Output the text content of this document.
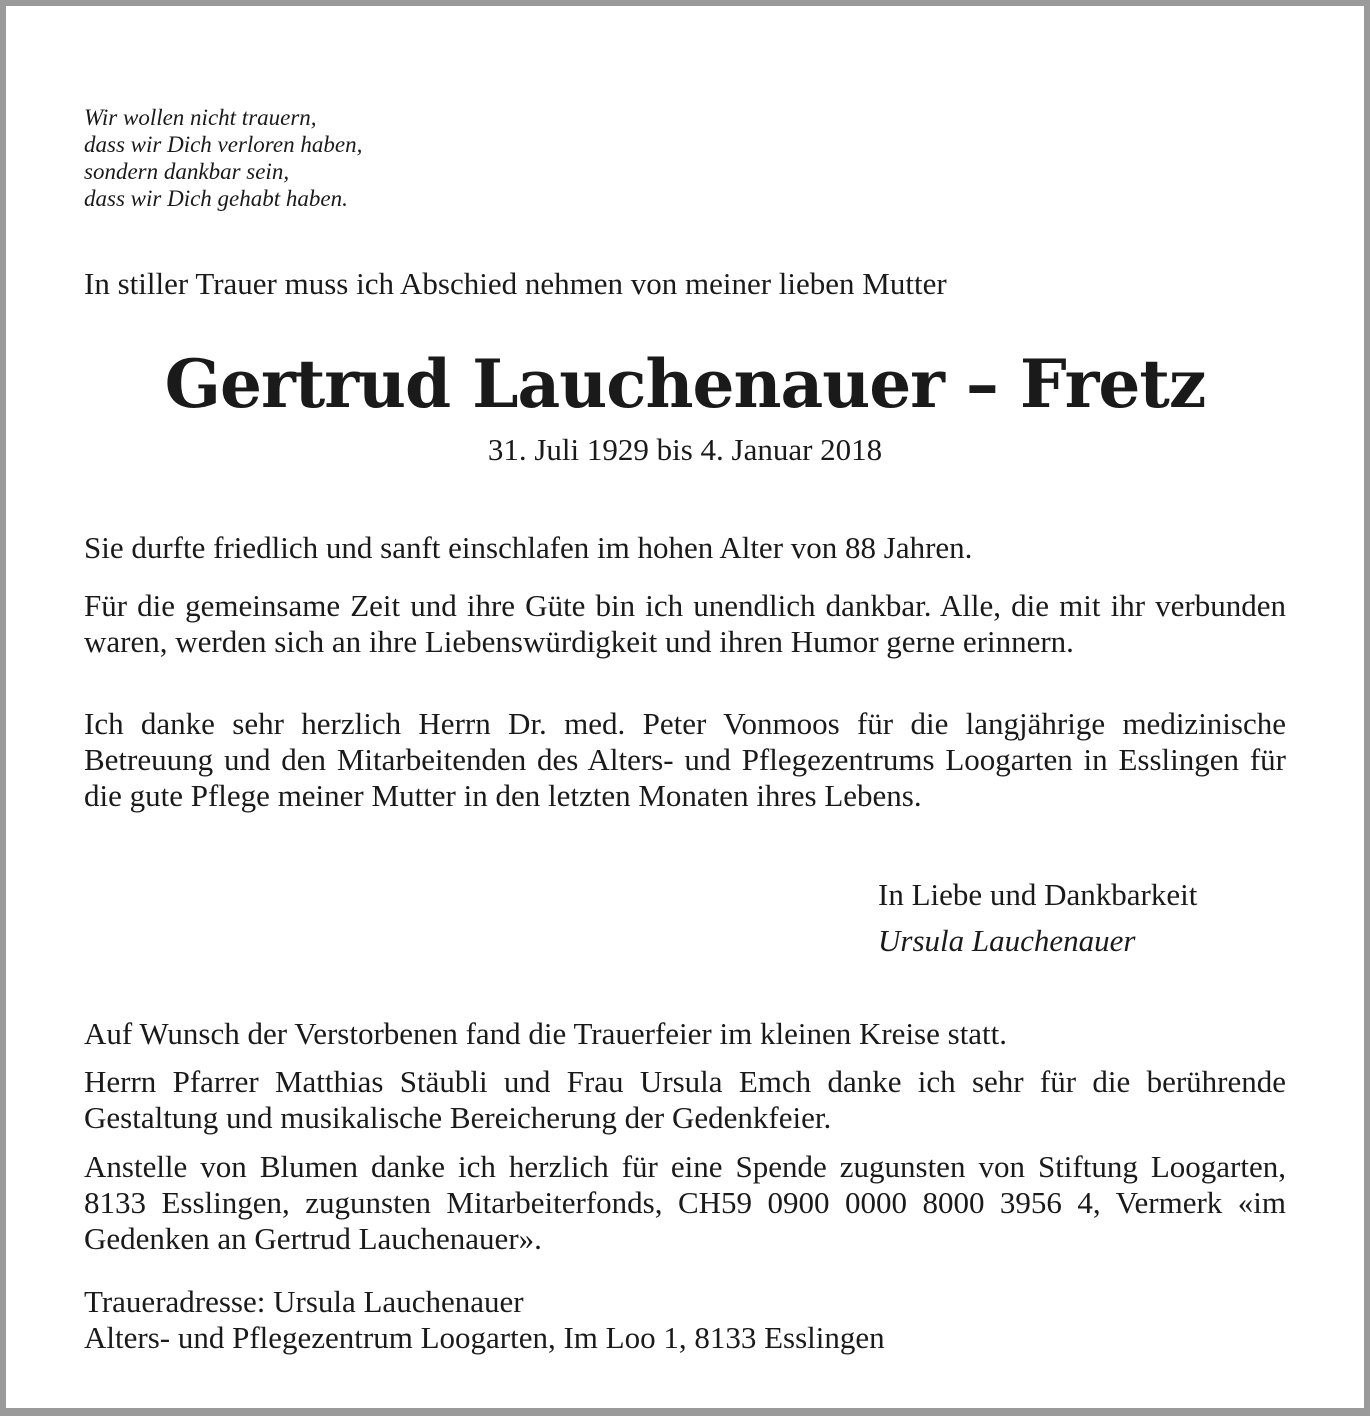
Wir wollen nicht trauern,
dass wir Dich verloren haben,
sondern dankbar sein,
dass wir Dich gehabt haben.
In stiller Trauer muss ich Abschied nehmen von meiner lieben Mutter
Gertrud Lauchenauer – Fretz
31. Juli 1929 bis 4. Januar 2018

Sie durfte friedlich und sanft einschlafen im hohen Alter von 88 Jahren.

Für die gemeinsame Zeit und ihre Güte bin ich unendlich dankbar. Alle, die mit ihr verbunden waren, werden sich an ihre Liebenswürdigkeit und ihren Humor gerne erinnern.

Ich danke sehr herzlich Herrn Dr. med. Peter Vonmoos für die langjährige medizinische Betreuung und den Mitarbeitenden des Alters- und Pflegezentrums Loogarten in Esslingen für die gute Pflege meiner Mutter in den letzten Monaten ihres Lebens.

In Liebe und Dankbarkeit
Ursula Lauchenauer

Auf Wunsch der Verstorbenen fand die Trauerfeier im kleinen Kreise statt.

Herrn Pfarrer Matthias Stäubli und Frau Ursula Emch danke ich sehr für die berührende Gestaltung und musikalische Bereicherung der Gedenkfeier.

Anstelle von Blumen danke ich herzlich für eine Spende zugunsten von Stiftung Loogarten, 8133 Esslingen, zugunsten Mitarbeiterfonds, CH59 0900 0000 8000 3956 4, Vermerk «im Gedenken an Gertrud Lauchenauer».

Traueradresse: Ursula Lauchenauer
Alters- und Pflegezentrum Loogarten, Im Loo 1, 8133 Esslingen
